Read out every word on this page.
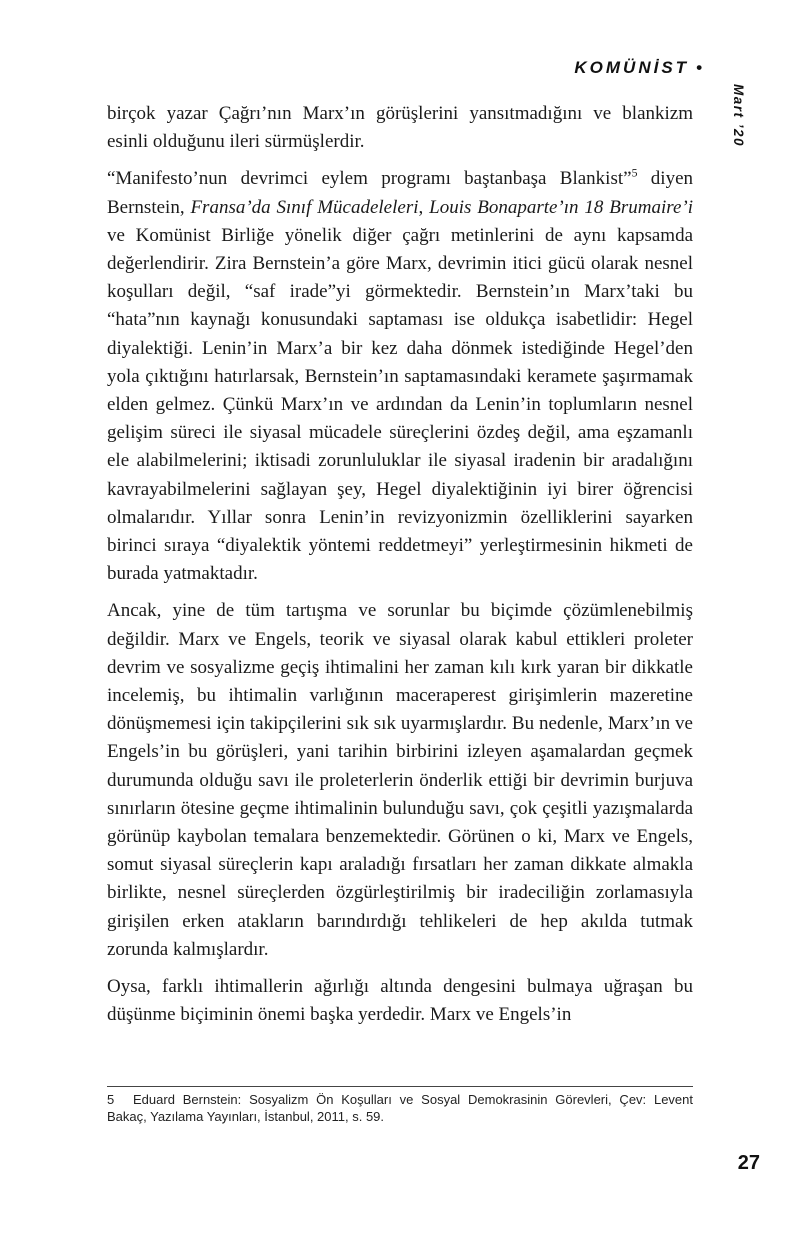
KOMÜNİST •
Mart ’20

birçok yazar Çağrı’nın Marx’ın görüşlerini yansıtmadığını ve blankizm esinli olduğunu ileri sürmüşlerdir.

“Manifesto’nun devrimci eylem programı baştanbaşa Blankist”$^5$ diyen Bernstein, Fransa’da Sınıf Mücadeleleri, Louis Bonaparte’ın 18 Brumaire’i ve Komünist Birliğe yönelik diğer çağrı metinlerini de aynı kapsamda değerlendirir. Zira Bernstein’a göre Marx, devrimin itici gücü olarak nesnel koşulları değil, “saf irade”yi görmektedir. Bernstein’ın Marx’taki bu “hata”nın kaynağı konusundaki saptaması ise oldukça isabetlidir: Hegel diyalektiği. Lenin’in Marx’a bir kez daha dönmek istediğinde Hegel’den yola çıktığını hatırlarsak, Bernstein’ın saptamasındaki keramete şaşırmamak elden gelmez. Çünkü Marx’ın ve ardından da Lenin’in toplumların nesnel gelişim süreci ile siyasal mücadele süreçlerini özdeş değil, ama eşzamanlı ele alabilmelerini; iktisadi zorunluluklar ile siyasal iradenin bir aradalığını kavrayabilmelerini sağlayan şey, Hegel diyalektiğinin iyi birer öğrencisi olmalarıdır. Yıllar sonra Lenin’in revizyonizmin özelliklerini sayarken birinci sıraya “diyalektik yöntemi reddetmeyi” yerleştirmesinin hikmeti de burada yatmaktadır.

Ancak, yine de tüm tartışma ve sorunlar bu biçimde çözümlenebilmiş değildir. Marx ve Engels, teorik ve siyasal olarak kabul ettikleri proleter devrim ve sosyalizme geçiş ihtimalini her zaman kılı kırk yaran bir dikkatle incelemiş, bu ihtimalin varlığının maceraperest girişimlerin mazeretine dönüşmemesi için takipçilerini sık sık uyarmışlardır. Bu nedenle, Marx’ın ve Engels’in bu görüşleri, yani tarihin birbirini izleyen aşamalardan geçmek durumunda olduğu savı ile proleterlerin önderlik ettiği bir devrimin burjuva sınırların ötesine geçme ihtimalinin bulunduğu savı, çok çeşitli yazışmalarda görünüp kaybolan temalara benzemektedir. Görünen o ki, Marx ve Engels, somut siyasal süreçlerin kapı araladığı fırsatları her zaman dikkate almakla birlikte, nesnel süreçlerden özgürleştirilmiş bir iradeciliğin zorlamasıyla girişilen erken atakların barındırdığı tehlikeleri de hep akılda tutmak zorunda kalmışlardır.

Oysa, farklı ihtimallerin ağırlığı altında dengesini bulmaya uğraşan bu düşünme biçiminin önemi başka yerdedir. Marx ve Engels’in

5 Eduard Bernstein: Sosyalizm Ön Koşulları ve Sosyal Demokrasinin Görevleri, Çev: Levent Bakaç, Yazılama Yayınları, İstanbul, 2011, s. 59.

27
